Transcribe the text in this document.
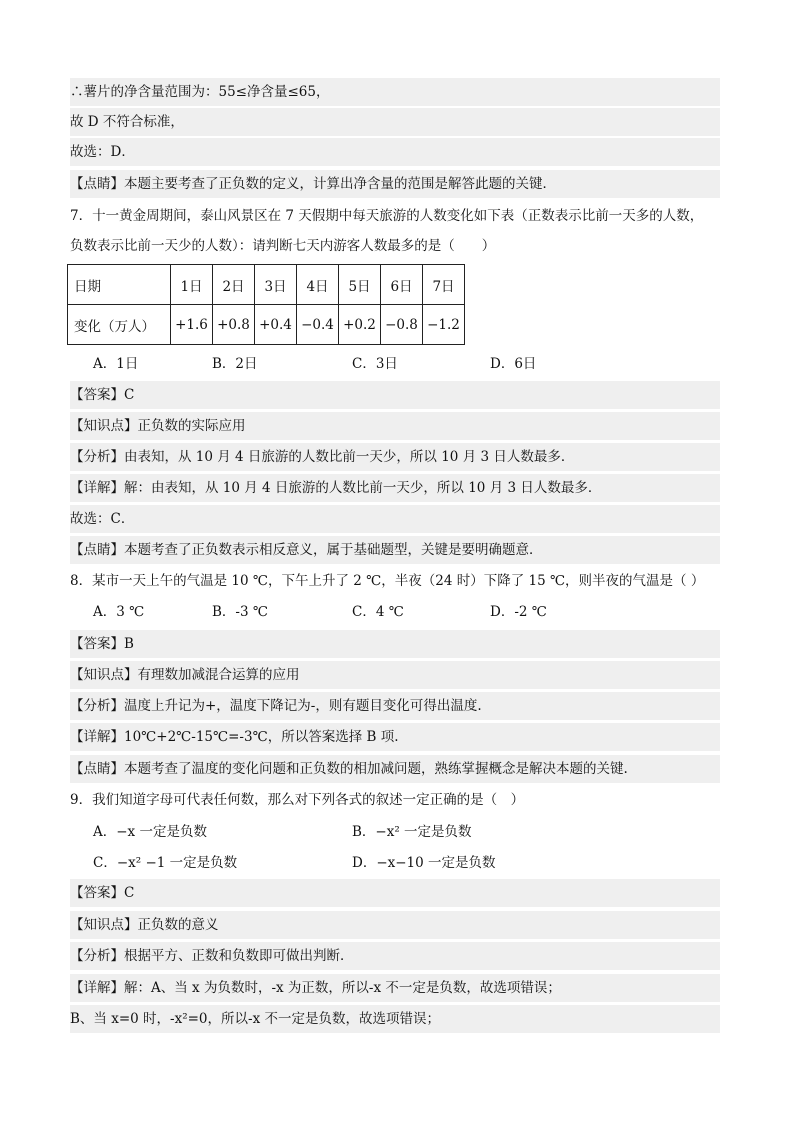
∴薯片的净含量范围为：55≤净含量≤65，
故 D 不符合标准，
故选：D．
【点睛】本题主要考查了正负数的定义，计算出净含量的范围是解答此题的关键．
7．十一黄金周期间，泰山风景区在 7 天假期中每天旅游的人数变化如下表（正数表示比前一天多的人数，
负数表示比前一天少的人数）：请判断七天内游客人数最多的是（　　）
日期	1日	2日	3日	4日	5日	6日	7日
变化（万人）	+1.6	+0.8	+0.4	−0.4	+0.2	−0.8	−1.2
A．1日	B．2日	C．3日	D．6日
【答案】C
【知识点】正负数的实际应用
【分析】由表知，从 10 月 4 日旅游的人数比前一天少，所以 10 月 3 日人数最多．
【详解】解：由表知，从 10 月 4 日旅游的人数比前一天少，所以 10 月 3 日人数最多．
故选：C．
【点睛】本题考查了正负数表示相反意义，属于基础题型，关键是要明确题意．
8．某市一天上午的气温是 10 ℃，下午上升了 2 ℃，半夜（24 时）下降了 15 ℃，则半夜的气温是（ ）
A．3 ℃	B．-3 ℃	C．4 ℃	D．-2 ℃
【答案】B
【知识点】有理数加减混合运算的应用
【分析】温度上升记为+，温度下降记为-，则有题目变化可得出温度.
【详解】10℃+2℃-15℃=-3℃，所以答案选择 B 项.
【点睛】本题考查了温度的变化问题和正负数的相加减问题，熟练掌握概念是解决本题的关键.
9．我们知道字母可代表任何数，那么对下列各式的叙述一定正确的是（　）
A．−x 一定是负数	B．−x² 一定是负数
C．−x² −1 一定是负数	D．−x−10 一定是负数
【答案】C
【知识点】正负数的意义
【分析】根据平方、正数和负数即可做出判断．
【详解】解：A、当 x 为负数时，-x 为正数，所以-x 不一定是负数，故选项错误；
B、当 x=0 时，-x²=0，所以-x 不一定是负数，故选项错误；
